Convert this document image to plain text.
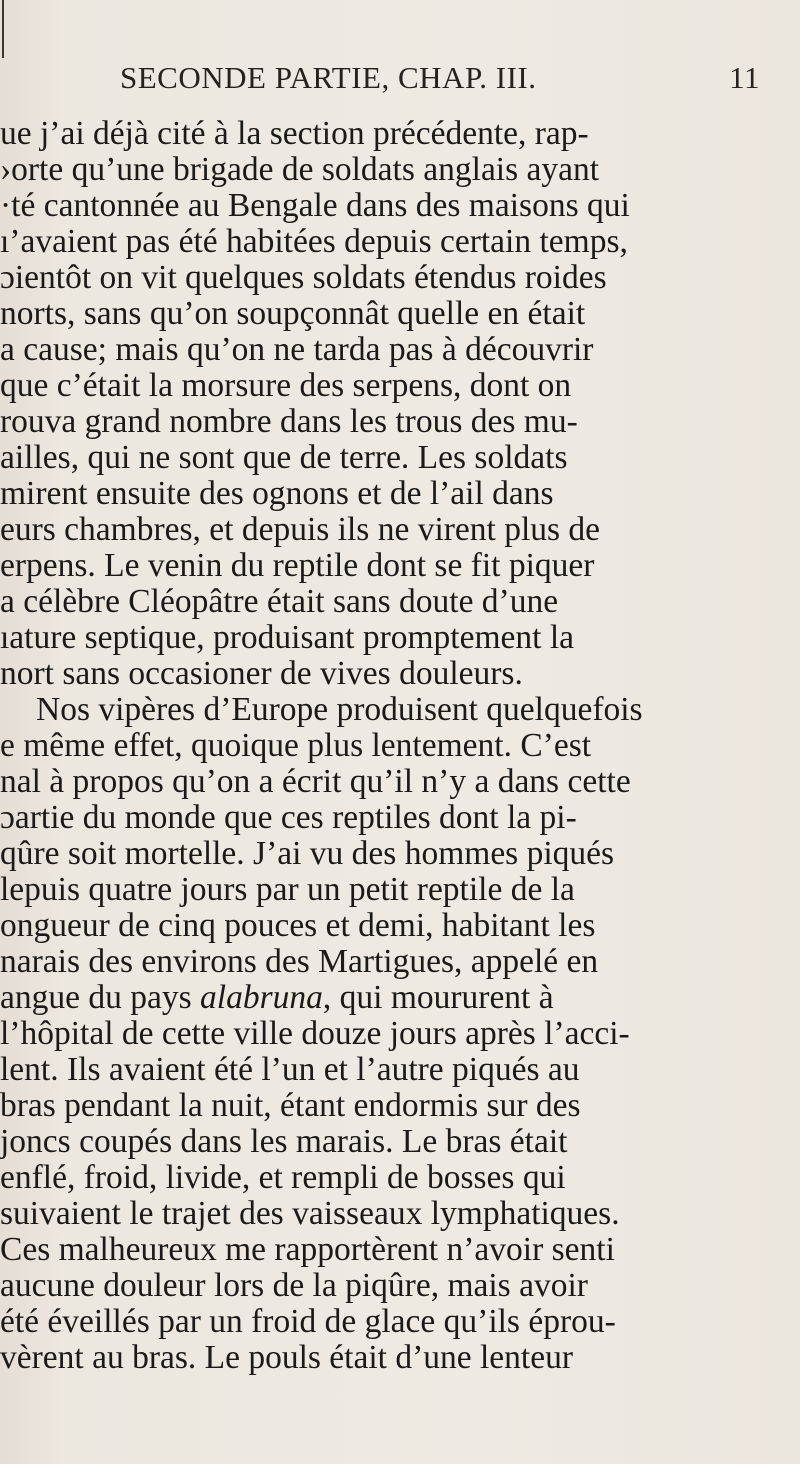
SECONDE PARTIE, CHAP. III.	11
ue j’ai déjà cité à la section précédente, rap-
›orte qu’une brigade de soldats anglais ayant
·té cantonnée au Bengale dans des maisons qui
ı’avaient pas été habitées depuis certain temps,
ɔientôt on vit quelques soldats étendus roides
norts, sans qu’on soupçonnât quelle en était
a cause; mais qu’on ne tarda pas à découvrir
que c’était la morsure des serpens, dont on
rouva grand nombre dans les trous des mu-
ailles, qui ne sont que de terre. Les soldats
mirent ensuite des ognons et de l’ail dans
eurs chambres, et depuis ils ne virent plus de
erpens. Le venin du reptile dont se fit piquer
a célèbre Cléopâtre était sans doute d’une
ıature septique, produisant promptement la
nort sans occasioner de vives douleurs.
Nos vipères d’Europe produisent quelquefois
e même effet, quoique plus lentement. C’est
nal à propos qu’on a écrit qu’il n’y a dans cette
ɔartie du monde que ces reptiles dont la pi-
qûre soit mortelle. J’ai vu des hommes piqués
lepuis quatre jours par un petit reptile de la
ongueur de cinq pouces et demi, habitant les
narais des environs des Martigues, appelé en
angue du pays alabruna, qui moururent à
l’hôpital de cette ville douze jours après l’acci-
lent. Ils avaient été l’un et l’autre piqués au
bras pendant la nuit, étant endormis sur des
joncs coupés dans les marais. Le bras était
enflé, froid, livide, et rempli de bosses qui
suivaient le trajet des vaisseaux lymphatiques.
Ces malheureux me rapportèrent n’avoir senti
aucune douleur lors de la piqûre, mais avoir
été éveillés par un froid de glace qu’ils éprou-
vèrent au bras. Le pouls était d’une lenteur
